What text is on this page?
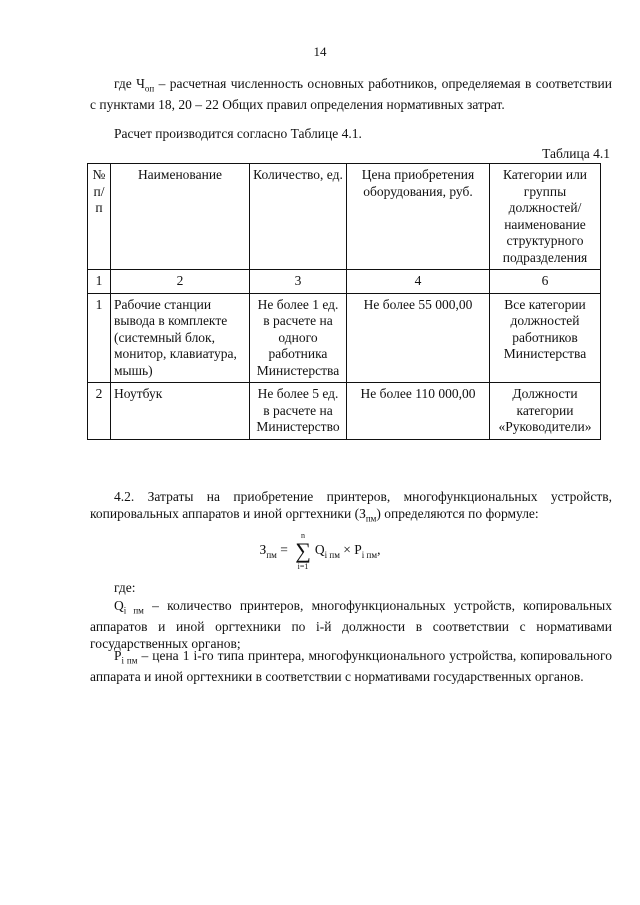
14
где $Ч_{оп}$ – расчетная численность основных работников, определяемая в соответствии с пунктами 18, 20 – 22 Общих правил определения нормативных затрат.
Расчет производится согласно Таблице 4.1.
Таблица 4.1
№ п/п	Наименование	Количество, ед.	Цена приобретения оборудования, руб.	Категории или группы должностей/наименование структурного подразделения
1	2	3	4	6
1	Рабочие станции вывода в комплекте (системный блок, монитор, клавиатура, мышь)	Не более 1 ед. в расчете на одного работника Министерства	Не более 55 000,00	Все категории должностей работников Министерства
2	Ноутбук	Не более 5 ед. в расчете на Министерство	Не более 110 000,00	Должности категории «Руководители»
4.2. Затраты на приобретение принтеров, многофункциональных устройств, копировальных аппаратов и иной оргтехники $(З_{пм})$ определяются по формуле:
$З_{пм}$ =
n
∑
i=1
$Q_{i пм} \times P_{i пм}$,
где:
$Q_{i пм}$ – количество принтеров, многофункциональных устройств, копировальных аппаратов и иной оргтехники по i-й должности в соответствии с нормативами государственных органов;
$P_{i пм}$ – цена 1 i-го типа принтера, многофункционального устройства, копировального аппарата и иной оргтехники в соответствии с нормативами государственных органов.
